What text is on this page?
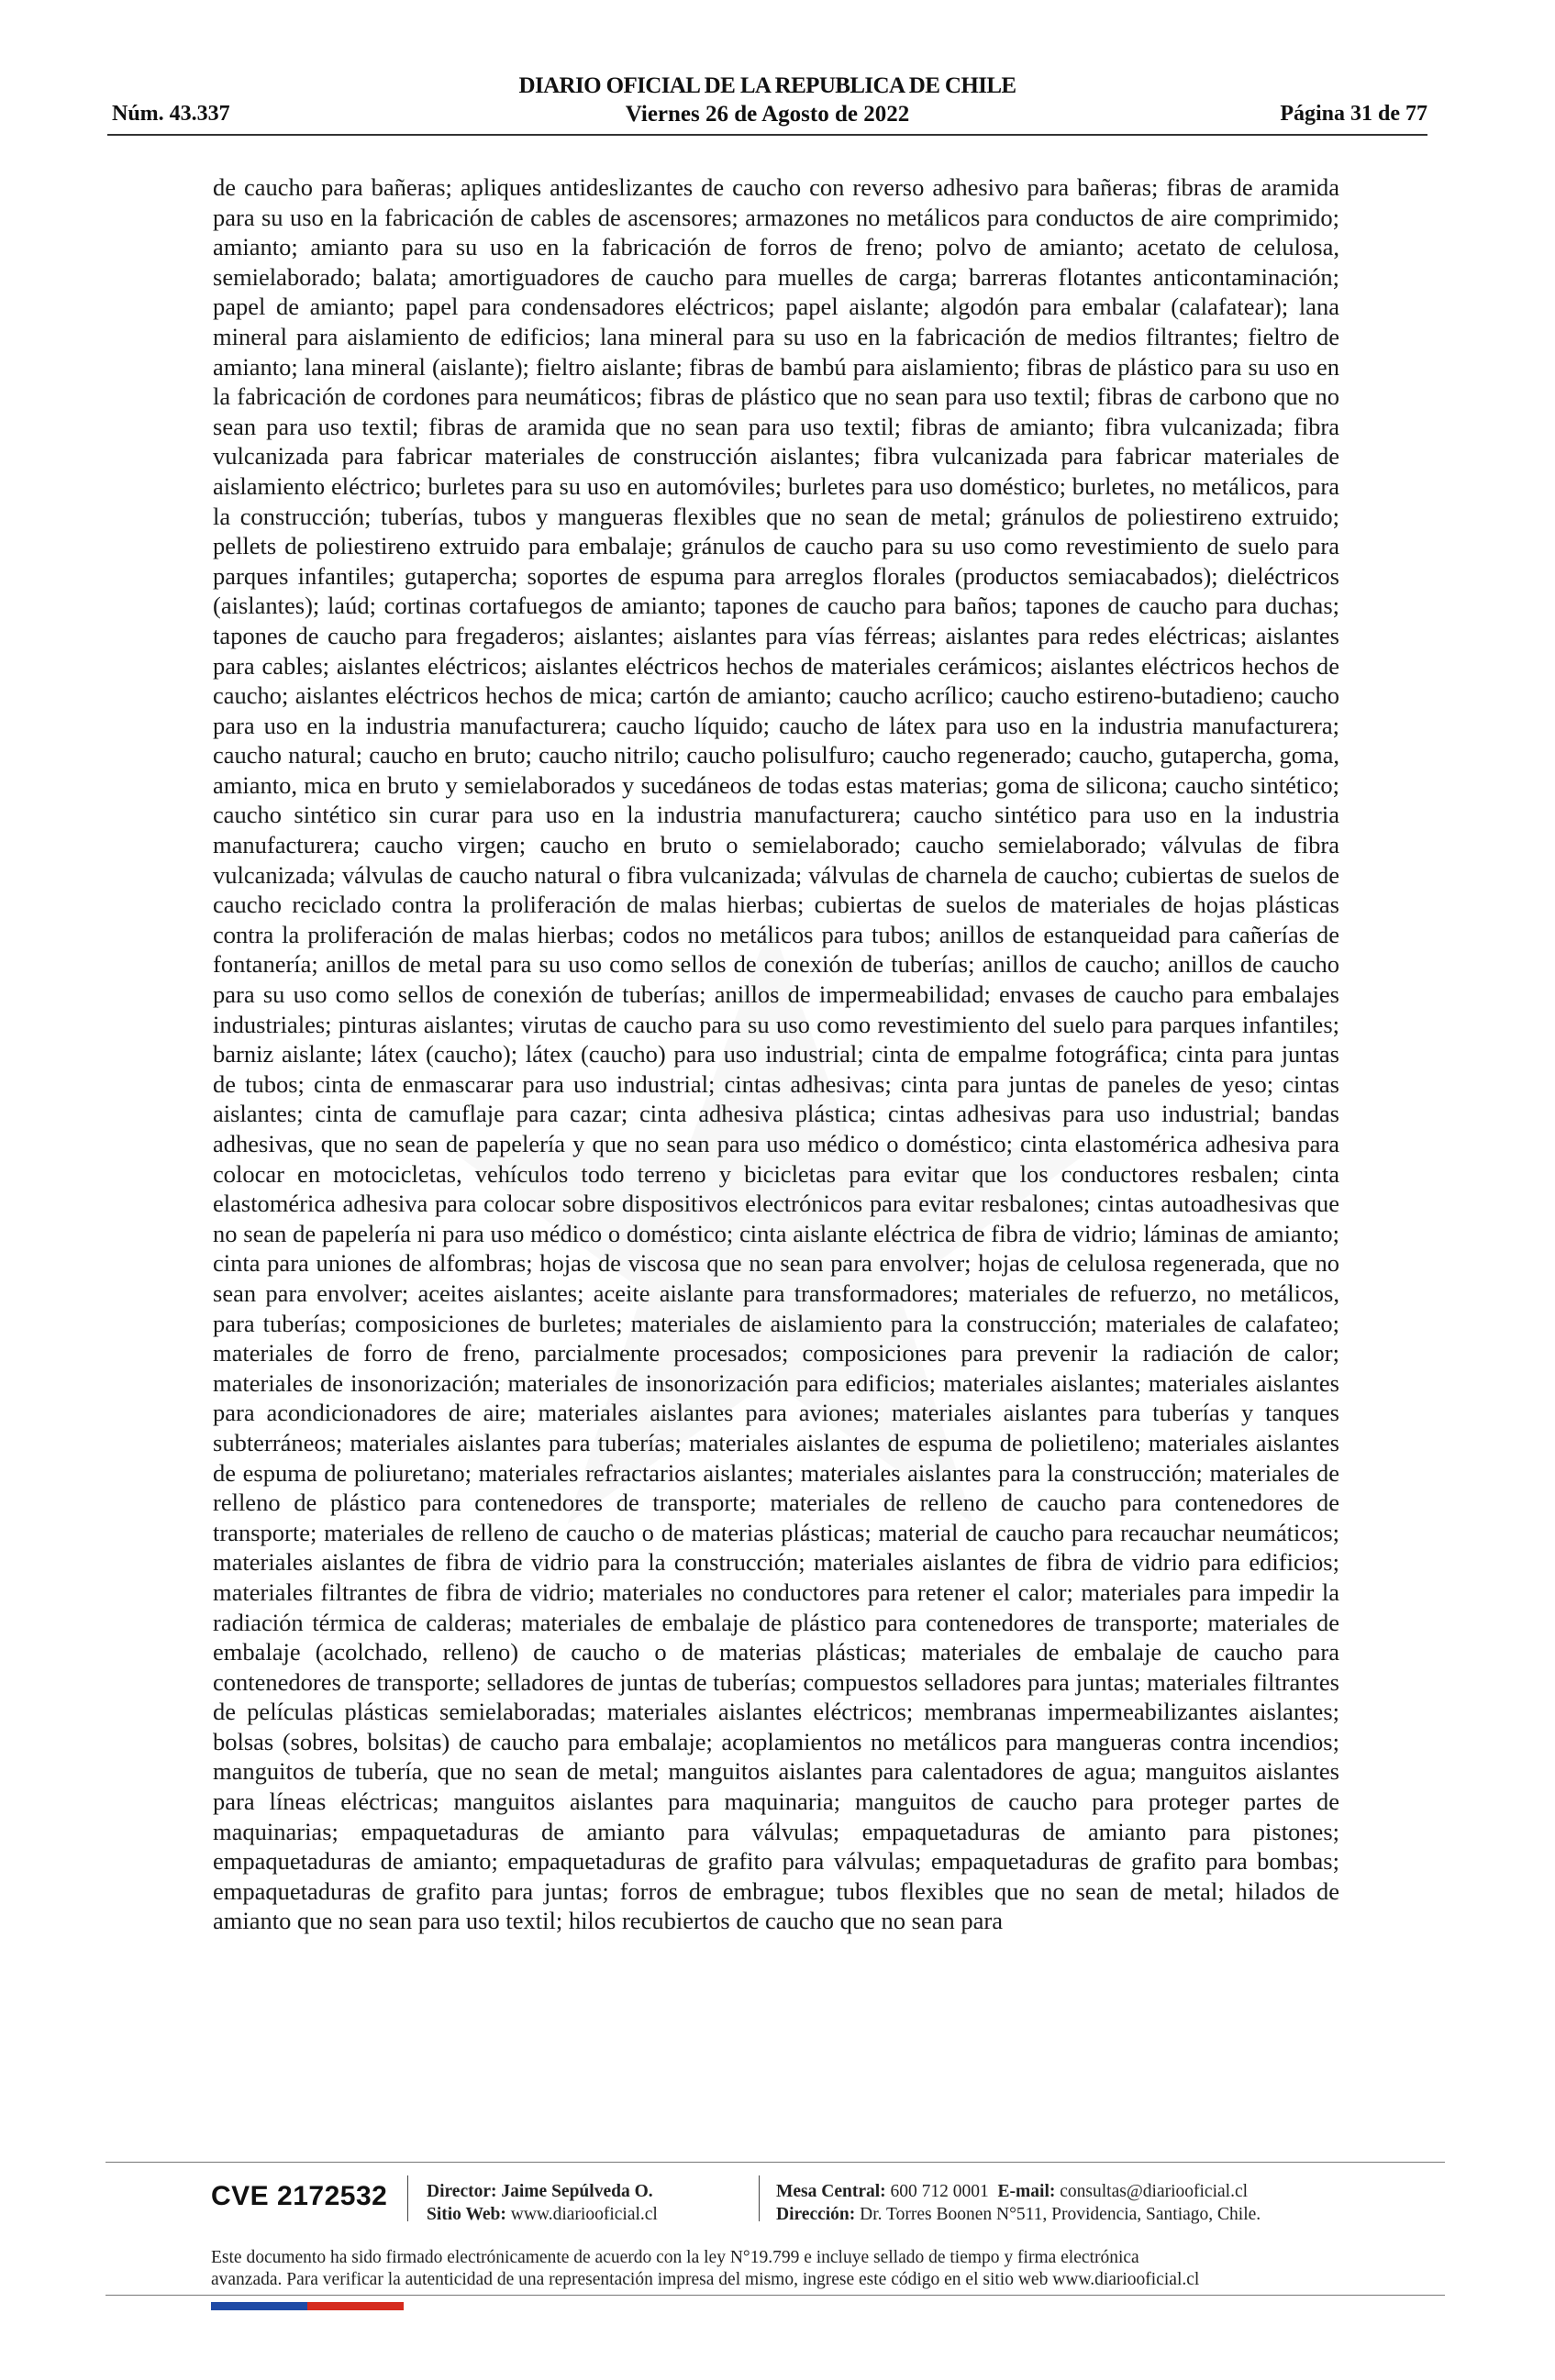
DIARIO OFICIAL DE LA REPUBLICA DE CHILE
Núm. 43.337	Viernes 26 de Agosto de 2022	Página 31 de 77

de caucho para bañeras; apliques antideslizantes de caucho con reverso adhesivo para bañeras; fibras de aramida para su uso en la fabricación de cables de ascensores; armazones no metálicos para conductos de aire comprimido; amianto; amianto para su uso en la fabricación de forros de freno; polvo de amianto; acetato de celulosa, semielaborado; balata; amortiguadores de caucho para muelles de carga; barreras flotantes anticontaminación; papel de amianto; papel para condensadores eléctricos; papel aislante; algodón para embalar (calafatear); lana mineral para aislamiento de edificios; lana mineral para su uso en la fabricación de medios filtrantes; fieltro de amianto; lana mineral (aislante); fieltro aislante; fibras de bambú para aislamiento; fibras de plástico para su uso en la fabricación de cordones para neumáticos; fibras de plástico que no sean para uso textil; fibras de carbono que no sean para uso textil; fibras de aramida que no sean para uso textil; fibras de amianto; fibra vulcanizada; fibra vulcanizada para fabricar materiales de construcción aislantes; fibra vulcanizada para fabricar materiales de aislamiento eléctrico; burletes para su uso en automóviles; burletes para uso doméstico; burletes, no metálicos, para la construcción; tuberías, tubos y mangueras flexibles que no sean de metal; gránulos de poliestireno extruido; pellets de poliestireno extruido para embalaje; gránulos de caucho para su uso como revestimiento de suelo para parques infantiles; gutapercha; soportes de espuma para arreglos florales (productos semiacabados); dieléctricos (aislantes); laúd; cortinas cortafuegos de amianto; tapones de caucho para baños; tapones de caucho para duchas; tapones de caucho para fregaderos; aislantes; aislantes para vías férreas; aislantes para redes eléctricas; aislantes para cables; aislantes eléctricos; aislantes eléctricos hechos de materiales cerámicos; aislantes eléctricos hechos de caucho; aislantes eléctricos hechos de mica; cartón de amianto; caucho acrílico; caucho estireno-butadieno; caucho para uso en la industria manufacturera; caucho líquido; caucho de látex para uso en la industria manufacturera; caucho natural; caucho en bruto; caucho nitrilo; caucho polisulfuro; caucho regenerado; caucho, gutapercha, goma, amianto, mica en bruto y semielaborados y sucedáneos de todas estas materias; goma de silicona; caucho sintético; caucho sintético sin curar para uso en la industria manufacturera; caucho sintético para uso en la industria manufacturera; caucho virgen; caucho en bruto o semielaborado; caucho semielaborado; válvulas de fibra vulcanizada; válvulas de caucho natural o fibra vulcanizada; válvulas de charnela de caucho; cubiertas de suelos de caucho reciclado contra la proliferación de malas hierbas; cubiertas de suelos de materiales de hojas plásticas contra la proliferación de malas hierbas; codos no metálicos para tubos; anillos de estanqueidad para cañerías de fontanería; anillos de metal para su uso como sellos de conexión de tuberías; anillos de caucho; anillos de caucho para su uso como sellos de conexión de tuberías; anillos de impermeabilidad; envases de caucho para embalajes industriales; pinturas aislantes; virutas de caucho para su uso como revestimiento del suelo para parques infantiles; barniz aislante; látex (caucho); látex (caucho) para uso industrial; cinta de empalme fotográfica; cinta para juntas de tubos; cinta de enmascarar para uso industrial; cintas adhesivas; cinta para juntas de paneles de yeso; cintas aislantes; cinta de camuflaje para cazar; cinta adhesiva plástica; cintas adhesivas para uso industrial; bandas adhesivas, que no sean de papelería y que no sean para uso médico o doméstico; cinta elastomérica adhesiva para colocar en motocicletas, vehículos todo terreno y bicicletas para evitar que los conductores resbalen; cinta elastomérica adhesiva para colocar sobre dispositivos electrónicos para evitar resbalones; cintas autoadhesivas que no sean de papelería ni para uso médico o doméstico; cinta aislante eléctrica de fibra de vidrio; láminas de amianto; cinta para uniones de alfombras; hojas de viscosa que no sean para envolver; hojas de celulosa regenerada, que no sean para envolver; aceites aislantes; aceite aislante para transformadores; materiales de refuerzo, no metálicos, para tuberías; composiciones de burletes; materiales de aislamiento para la construcción; materiales de calafateo; materiales de forro de freno, parcialmente procesados; composiciones para prevenir la radiación de calor; materiales de insonorización; materiales de insonorización para edificios; materiales aislantes; materiales aislantes para acondicionadores de aire; materiales aislantes para aviones; materiales aislantes para tuberías y tanques subterráneos; materiales aislantes para tuberías; materiales aislantes de espuma de polietileno; materiales aislantes de espuma de poliuretano; materiales refractarios aislantes; materiales aislantes para la construcción; materiales de relleno de plástico para contenedores de transporte; materiales de relleno de caucho para contenedores de transporte; materiales de relleno de caucho o de materias plásticas; material de caucho para recauchar neumáticos; materiales aislantes de fibra de vidrio para la construcción; materiales aislantes de fibra de vidrio para edificios; materiales filtrantes de fibra de vidrio; materiales no conductores para retener el calor; materiales para impedir la radiación térmica de calderas; materiales de embalaje de plástico para contenedores de transporte; materiales de embalaje (acolchado, relleno) de caucho o de materias plásticas; materiales de embalaje de caucho para contenedores de transporte; selladores de juntas de tuberías; compuestos selladores para juntas; materiales filtrantes de películas plásticas semielaboradas; materiales aislantes eléctricos; membranas impermeabilizantes aislantes; bolsas (sobres, bolsitas) de caucho para embalaje; acoplamientos no metálicos para mangueras contra incendios; manguitos de tubería, que no sean de metal; manguitos aislantes para calentadores de agua; manguitos aislantes para líneas eléctricas; manguitos aislantes para maquinaria; manguitos de caucho para proteger partes de maquinarias; empaquetaduras de amianto para válvulas; empaquetaduras de amianto para pistones; empaquetaduras de amianto; empaquetaduras de grafito para válvulas; empaquetaduras de grafito para bombas; empaquetaduras de grafito para juntas; forros de embrague; tubos flexibles que no sean de metal; hilados de amianto que no sean para uso textil; hilos recubiertos de caucho que no sean para

CVE 2172532 Director: Jaime Sepúlveda O.
Sitio Web: www.diariooficial.cl
Mesa Central: 600 712 0001 E-mail: consultas@diariooficial.cl
Dirección: Dr. Torres Boonen N°511, Providencia, Santiago, Chile.
Este documento ha sido firmado electrónicamente de acuerdo con la ley N°19.799 e incluye sellado de tiempo y firma electrónica
avanzada. Para verificar la autenticidad de una representación impresa del mismo, ingrese este código en el sitio web www.diariooficial.cl
